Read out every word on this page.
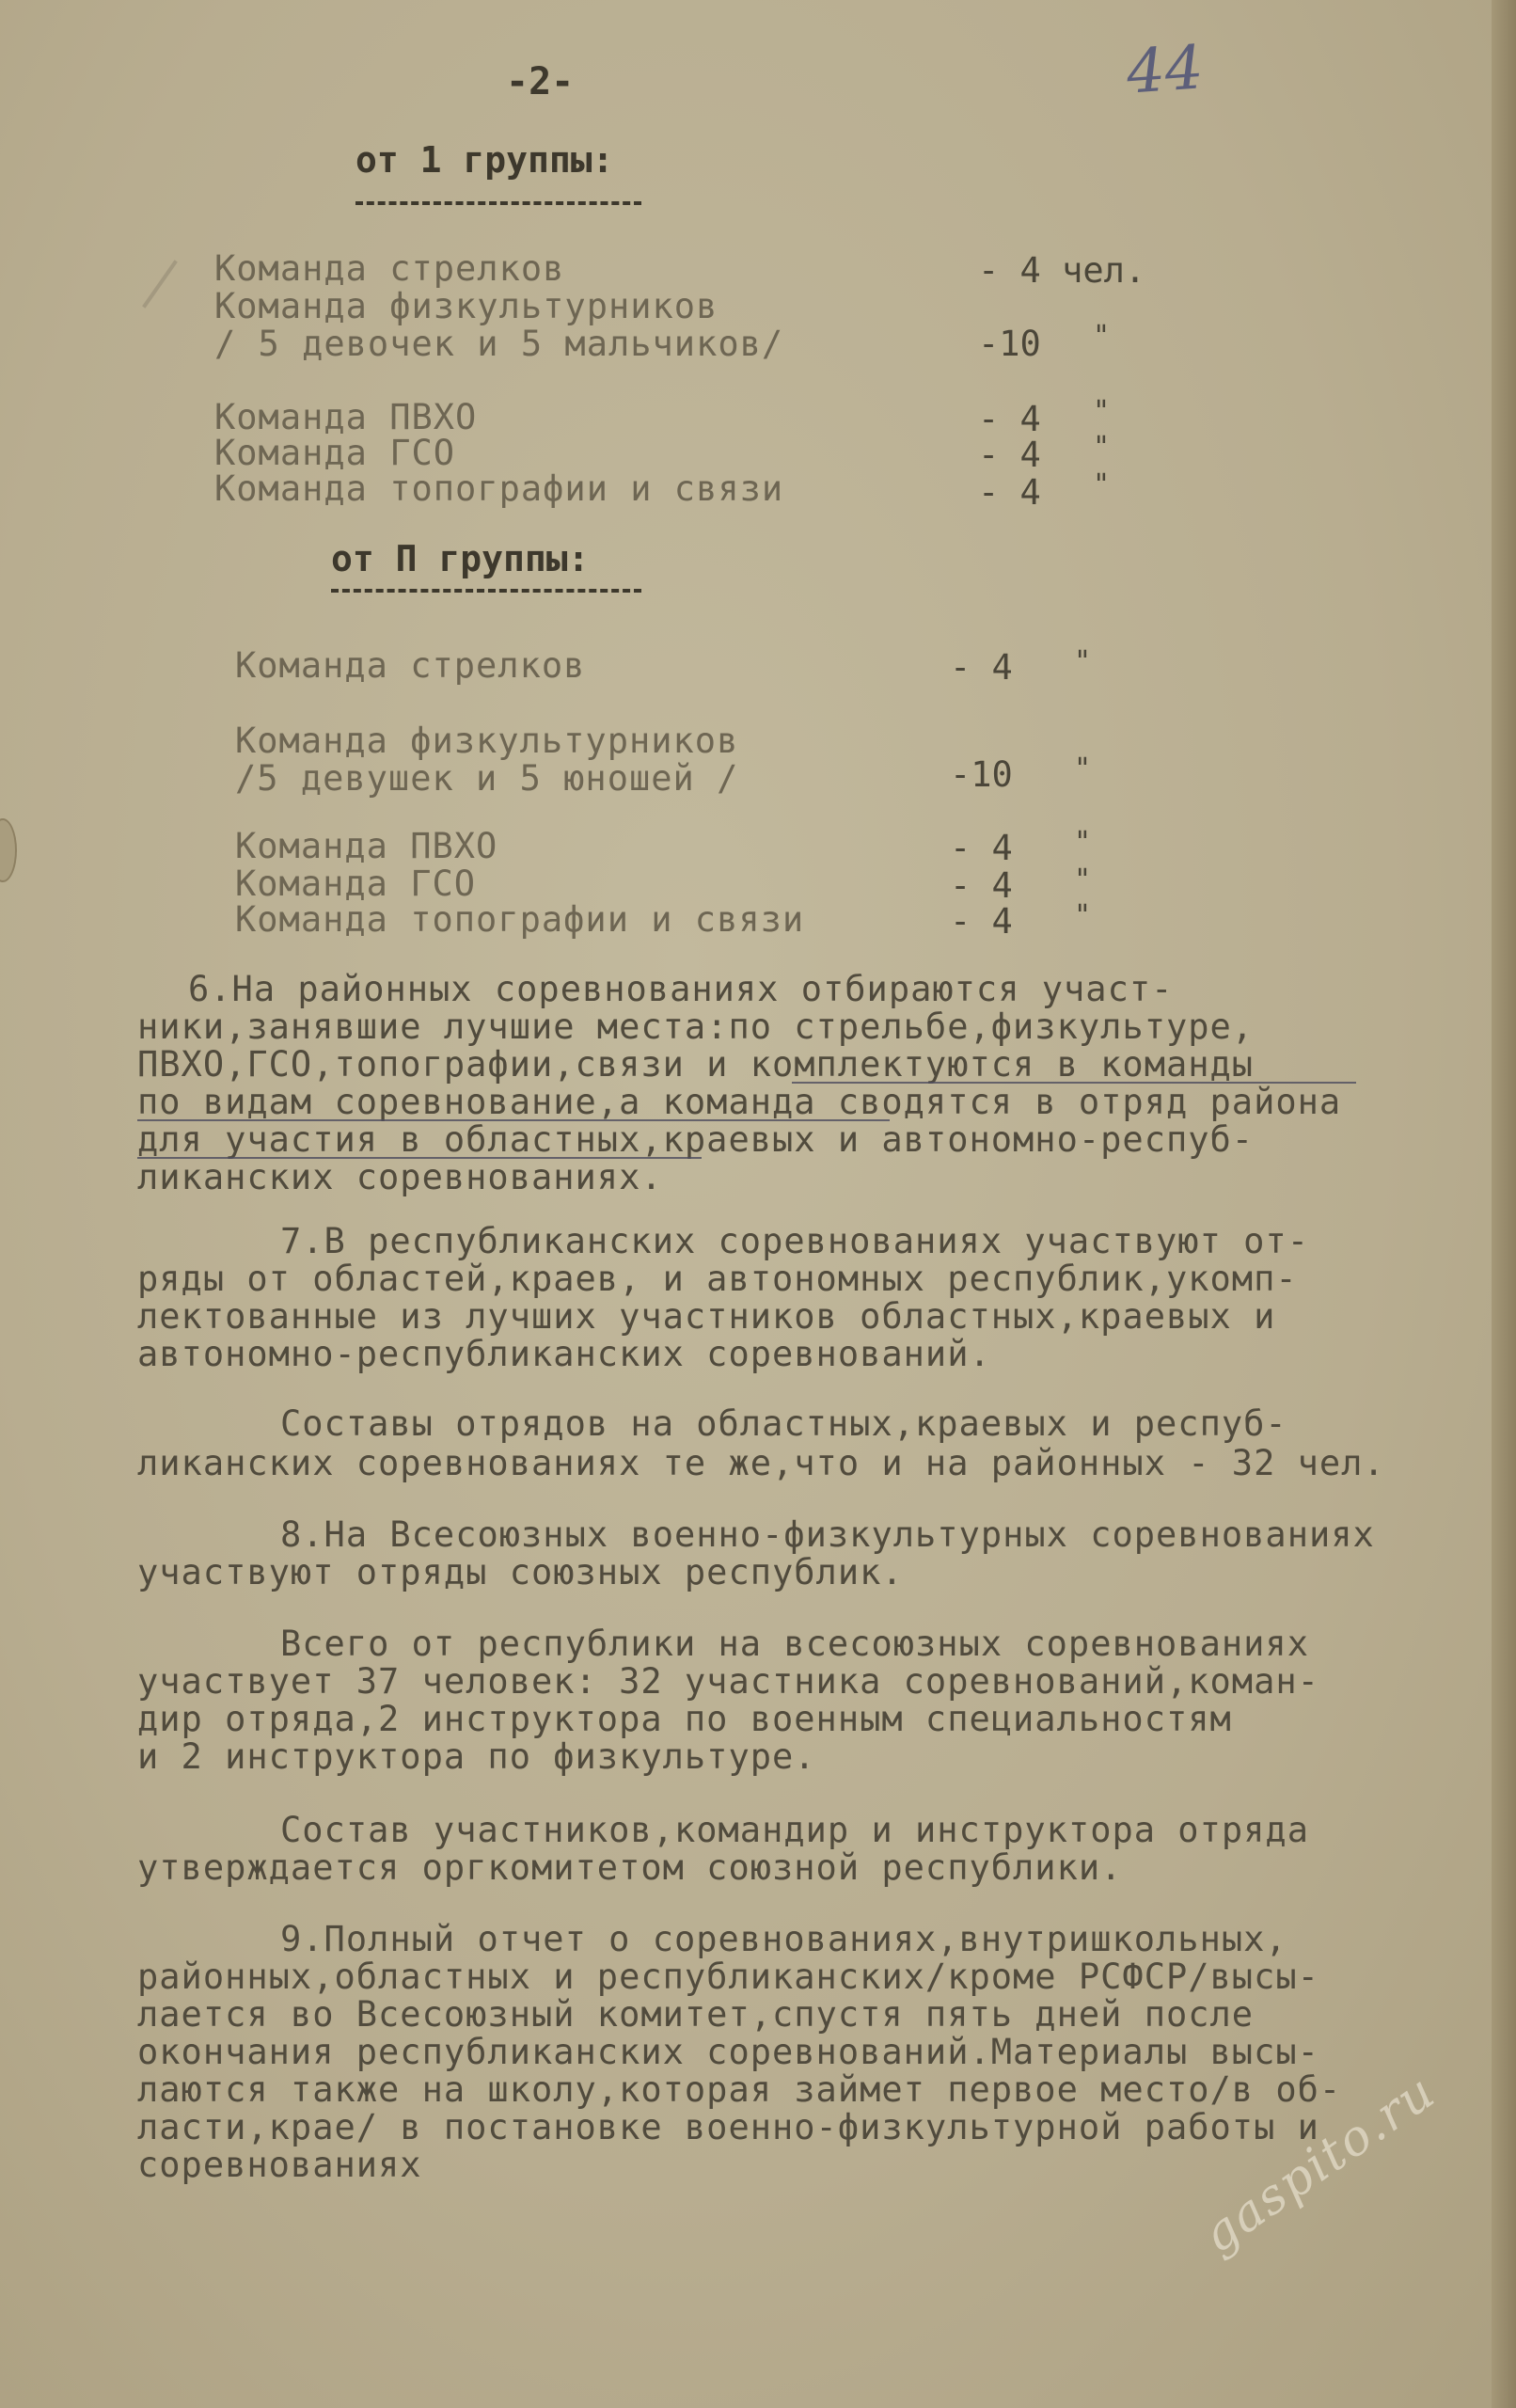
-2-	44
от 1 группы:
Команда стрелков	- 4 чел.
Команда физкультурников
/ 5 девочек и 5 мальчиков/	-10 "
Команда ПВХО	- 4 "
Команда ГСО	- 4 "
Команда топографии и связи	- 4 "
от П группы:
Команда стрелков	- 4 "
Команда физкультурников
/5 девушек и 5 юношей /	-10 "
Команда ПВХО	- 4 "
Команда ГСО	- 4 "
Команда топографии и связи	- 4 "
6.На районных соревнованиях отбираются участ-
ники,занявшие лучшие места:по стрельбе,физкультуре,
ПВХО,ГСО,топографии,связи и комплектуются в команды
по видам соревнование,а команда сводятся в отряд района
для участия в областных,краевых и автономно-респуб-
ликанских соревнованиях.
7.В республиканских соревнованиях участвуют от-
ряды от областей,краев, и автономных республик,укомп-
лектованные из лучших участников областных,краевых и
автономно-республиканских соревнований.
Составы отрядов на областных,краевых и респуб-
ликанских соревнованиях те же,что и на районных - 32 чел.
8.На Всесоюзных военно-физкультурных соревнованиях
участвуют отряды союзных республик.
Всего от республики на всесоюзных соревнованиях
участвует 37 человек: 32 участника соревнований,коман-
дир отряда,2 инструктора по военным специальностям
и 2 инструктора по физкультуре.
Состав участников,командир и инструктора отряда
утверждается оргкомитетом союзной республики.
9.Полный отчет о соревнованиях,внутришкольных,
районных,областных и республиканских/кроме РСФСР/высы-
лается во Всесоюзный комитет,спустя пять дней после
окончания республиканских соревнований.Материалы высы-
лаются также на школу,которая займет первое место/в об-
ласти,крае/ в постановке военно-физкультурной работы и
соревнованиях	gaspito.ru
